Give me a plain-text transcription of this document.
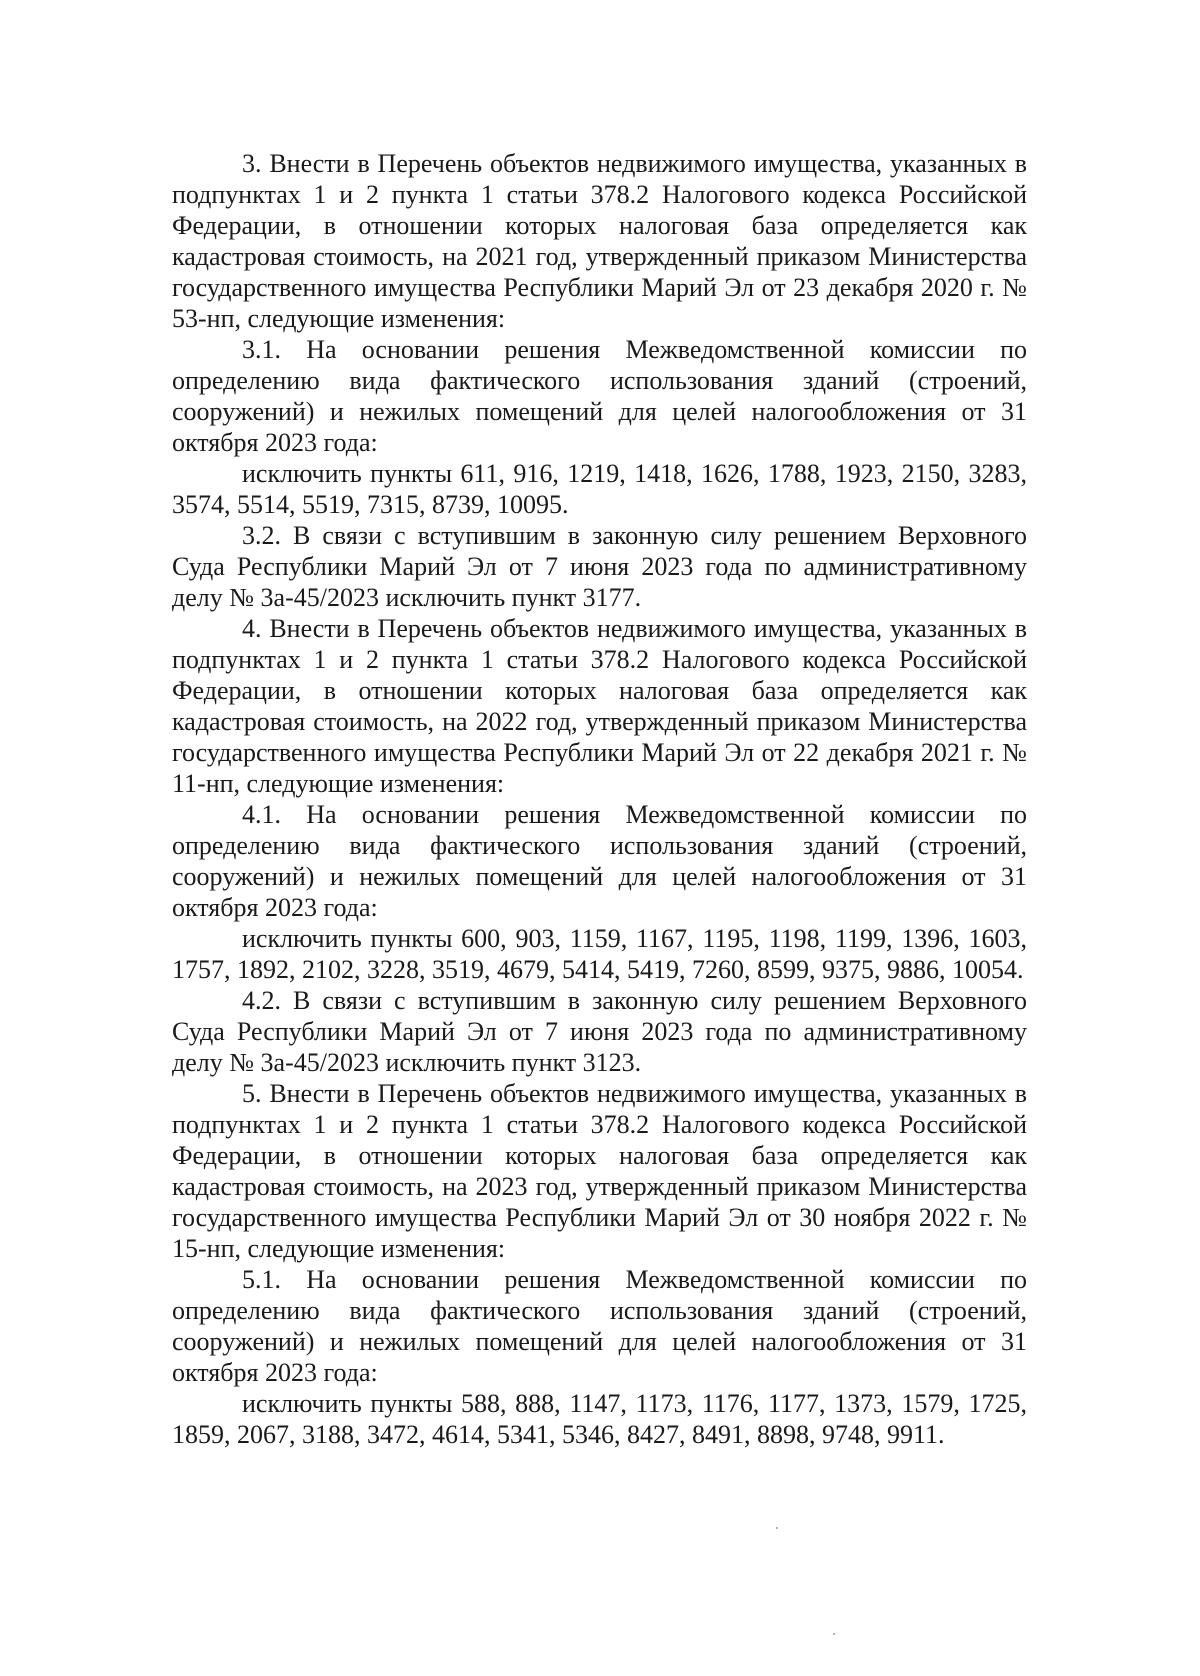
3. Внести в Перечень объектов недвижимого имущества, указанных в подпунктах 1 и 2 пункта 1 статьи 378.2 Налогового кодекса Российской Федерации, в отношении которых налоговая база определяется как кадастровая стоимость, на 2021 год, утвержденный приказом Министерства государственного имущества Республики Марий Эл от 23 декабря 2020 г. № 53-нп, следующие изменения:

3.1. На основании решения Межведомственной комиссии по определению вида фактического использования зданий (строений, сооружений) и нежилых помещений для целей налогообложения от 31 октября 2023 года:

исключить пункты 611, 916, 1219, 1418, 1626, 1788, 1923, 2150, 3283, 3574, 5514, 5519, 7315, 8739, 10095.

3.2. В связи с вступившим в законную силу решением Верховного Суда Республики Марий Эл от 7 июня 2023 года по административному делу № 3а-45/2023 исключить пункт 3177.

4. Внести в Перечень объектов недвижимого имущества, указанных в подпунктах 1 и 2 пункта 1 статьи 378.2 Налогового кодекса Российской Федерации, в отношении которых налоговая база определяется как кадастровая стоимость, на 2022 год, утвержденный приказом Министерства государственного имущества Республики Марий Эл от 22 декабря 2021 г. № 11-нп, следующие изменения:

4.1. На основании решения Межведомственной комиссии по определению вида фактического использования зданий (строений, сооружений) и нежилых помещений для целей налогообложения от 31 октября 2023 года:

исключить пункты 600, 903, 1159, 1167, 1195, 1198, 1199, 1396, 1603, 1757, 1892, 2102, 3228, 3519, 4679, 5414, 5419, 7260, 8599, 9375, 9886, 10054.

4.2. В связи с вступившим в законную силу решением Верховного Суда Республики Марий Эл от 7 июня 2023 года по административному делу № 3а-45/2023 исключить пункт 3123.

5. Внести в Перечень объектов недвижимого имущества, указанных в подпунктах 1 и 2 пункта 1 статьи 378.2 Налогового кодекса Российской Федерации, в отношении которых налоговая база определяется как кадастровая стоимость, на 2023 год, утвержденный приказом Министерства государственного имущества Республики Марий Эл от 30 ноября 2022 г. № 15-нп, следующие изменения:

5.1. На основании решения Межведомственной комиссии по определению вида фактического использования зданий (строений, сооружений) и нежилых помещений для целей налогообложения от 31 октября 2023 года:

исключить пункты 588, 888, 1147, 1173, 1176, 1177, 1373, 1579, 1725, 1859, 2067, 3188, 3472, 4614, 5341, 5346, 8427, 8491, 8898, 9748, 9911.
